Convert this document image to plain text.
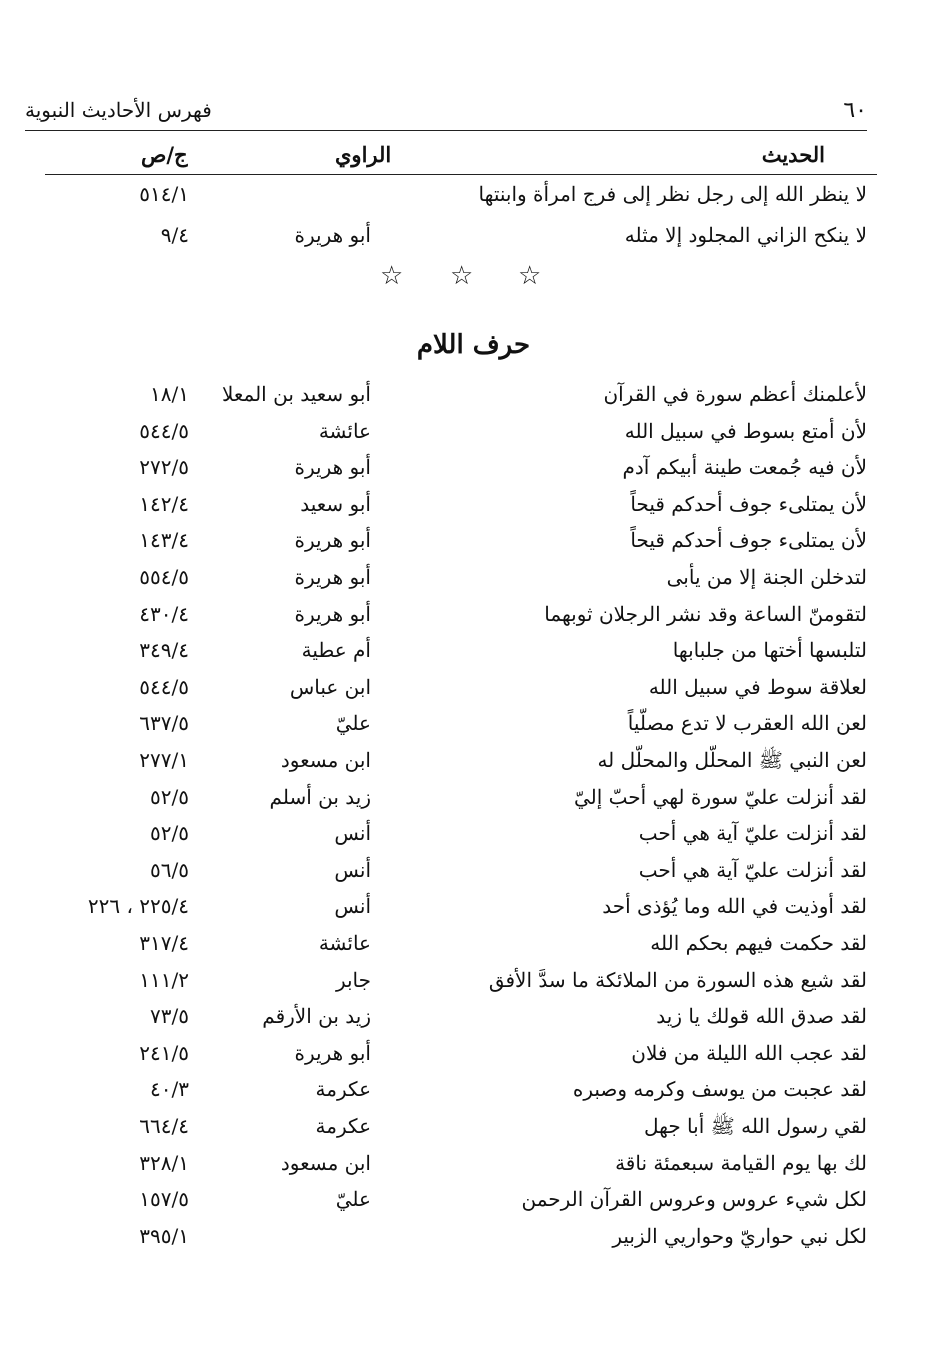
٦٠
فهرس الأحاديث النبوية
الحديث
الراوي
ج/ص
لا ينظر الله إلى رجل نظر إلى فرج امرأة وابنتها
٥١٤/١
لا ينكح الزاني المجلود إلا مثله
أبو هريرة
٩/٤
☆
☆
☆
حرف اللام
لأعلمنك أعظم سورة في القرآن
أبو سعيد بن المعلا
١٨/١
لأن أمتع بسوط في سبيل الله
عائشة
٥٤٤/٥
لأن فيه جُمعت طينة أبيكم آدم
أبو هريرة
٢٧٢/٥
لأن يمتلىء جوف أحدكم قيحاً
أبو سعيد
١٤٢/٤
لأن يمتلىء جوف أحدكم قيحاً
أبو هريرة
١٤٣/٤
لتدخلن الجنة إلا من يأبى
أبو هريرة
٥٥٤/٥
لتقومنّ الساعة وقد نشر الرجلان ثوبهما
أبو هريرة
٤٣٠/٤
لتلبسها أختها من جلبابها
أم عطية
٣٤٩/٤
لعلاقة سوط في سبيل الله
ابن عباس
٥٤٤/٥
لعن الله العقرب لا تدع مصلّياً
عليّ
٦٣٧/٥
لعن النبي ﷺ المحلّل والمحلّل له
ابن مسعود
٢٧٧/١
لقد أنزلت عليّ سورة لهي أحبّ إليّ
زيد بن أسلم
٥٢/٥
لقد أنزلت عليّ آية هي أحب
أنس
٥٢/٥
لقد أنزلت عليّ آية هي أحب
أنس
٥٦/٥
لقد أوذيت في الله وما يُؤذى أحد
أنس
٢٢٥/٤ ، ٢٢٦
لقد حكمت فيهم بحكم الله
عائشة
٣١٧/٤
لقد شيع هذه السورة من الملائكة ما سدَّ الأفق
جابر
١١١/٢
لقد صدق الله قولك يا زيد
زيد بن الأرقم
٧٣/٥
لقد عجب الله الليلة من فلان
أبو هريرة
٢٤١/٥
لقد عجبت من يوسف وكرمه وصبره
عكرمة
٤٠/٣
لقي رسول الله ﷺ أبا جهل
عكرمة
٦٦٤/٤
لك بها يوم القيامة سبعمئة ناقة
ابن مسعود
٣٢٨/١
لكل شيء عروس وعروس القرآن الرحمن
عليّ
١٥٧/٥
لكل نبي حواريّ وحواريي الزبير
٣٩٥/١
